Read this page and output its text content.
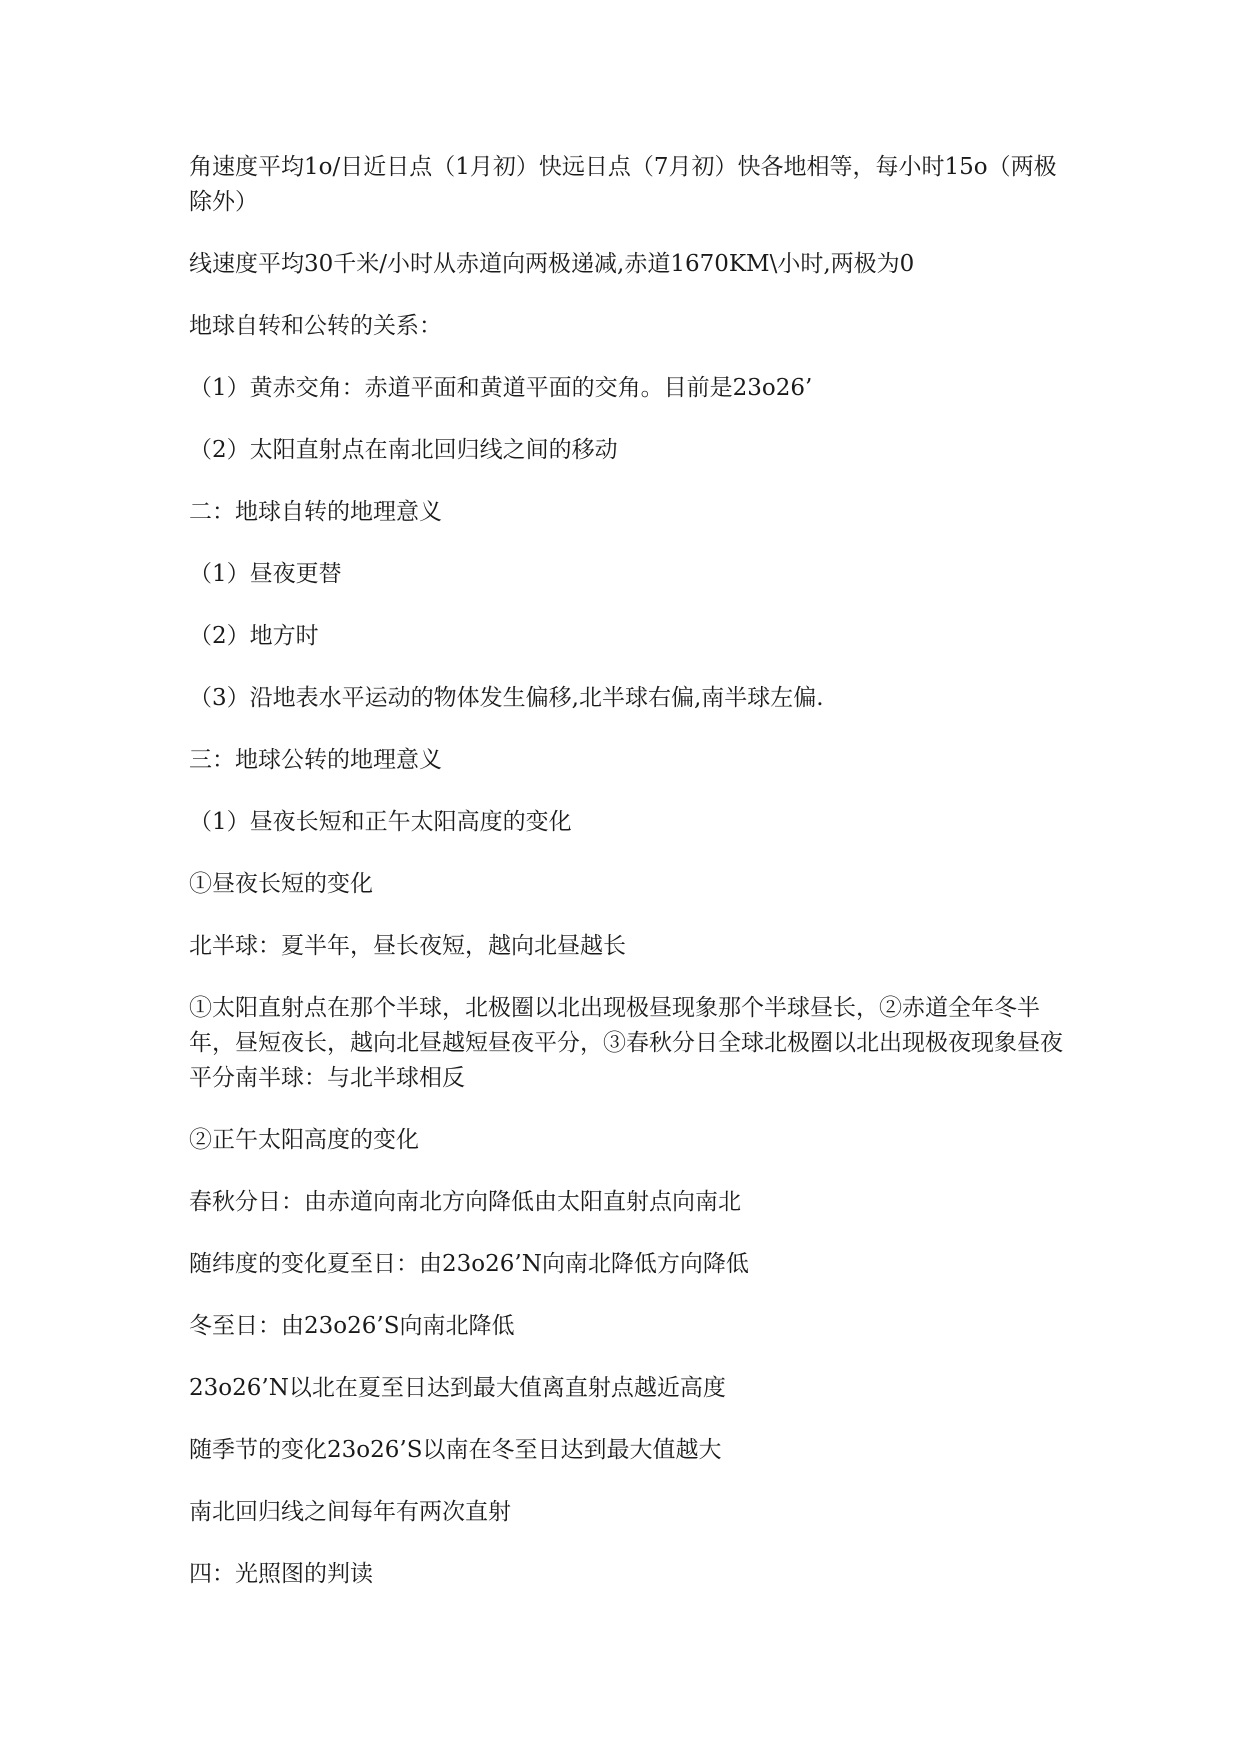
角速度平均1o/日近日点（1月初）快远日点（7月初）快各地相等，每小时15o（两极除外）

线速度平均30千米/小时从赤道向两极递减,赤道1670KM\小时,两极为0

地球自转和公转的关系：

（1）黄赤交角：赤道平面和黄道平面的交角。目前是23o26’

（2）太阳直射点在南北回归线之间的移动

二：地球自转的地理意义

（1）昼夜更替

（2）地方时

（3）沿地表水平运动的物体发生偏移,北半球右偏,南半球左偏.

三：地球公转的地理意义

（1）昼夜长短和正午太阳高度的变化

①昼夜长短的变化

北半球：夏半年，昼长夜短，越向北昼越长

①太阳直射点在那个半球，北极圈以北出现极昼现象那个半球昼长，②赤道全年冬半年，昼短夜长，越向北昼越短昼夜平分，③春秋分日全球北极圈以北出现极夜现象昼夜平分南半球：与北半球相反

②正午太阳高度的变化

春秋分日：由赤道向南北方向降低由太阳直射点向南北

随纬度的变化夏至日：由23o26’N向南北降低方向降低

冬至日：由23o26’S向南北降低

23o26’N以北在夏至日达到最大值离直射点越近高度

随季节的变化23o26’S以南在冬至日达到最大值越大

南北回归线之间每年有两次直射

四：光照图的判读
